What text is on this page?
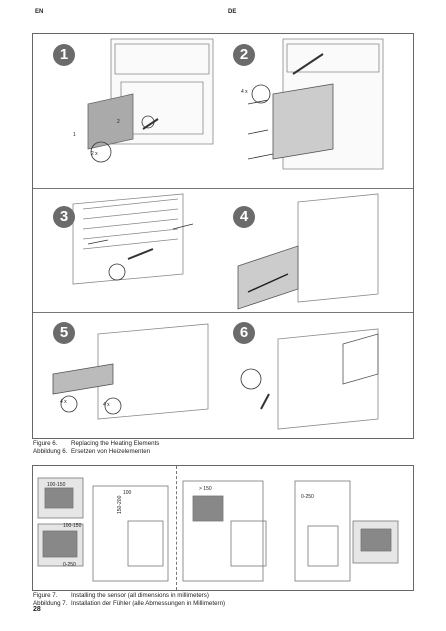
EN	DE
1	2
3	4
5	6
1
2
2 x
4 x
4 x	4 x
Figure 6. Replacing the Heating Elements
Abbildung 6. Ersetzen von Heizelementen
100-150
100
100-150
0-250
> 150
0-250
150-200
Figure 7. Installing the sensor (all dimensions in millimeters)
Abbildung 7. Installation der Fühler (alle Abmessungen in Millimetern)
28
